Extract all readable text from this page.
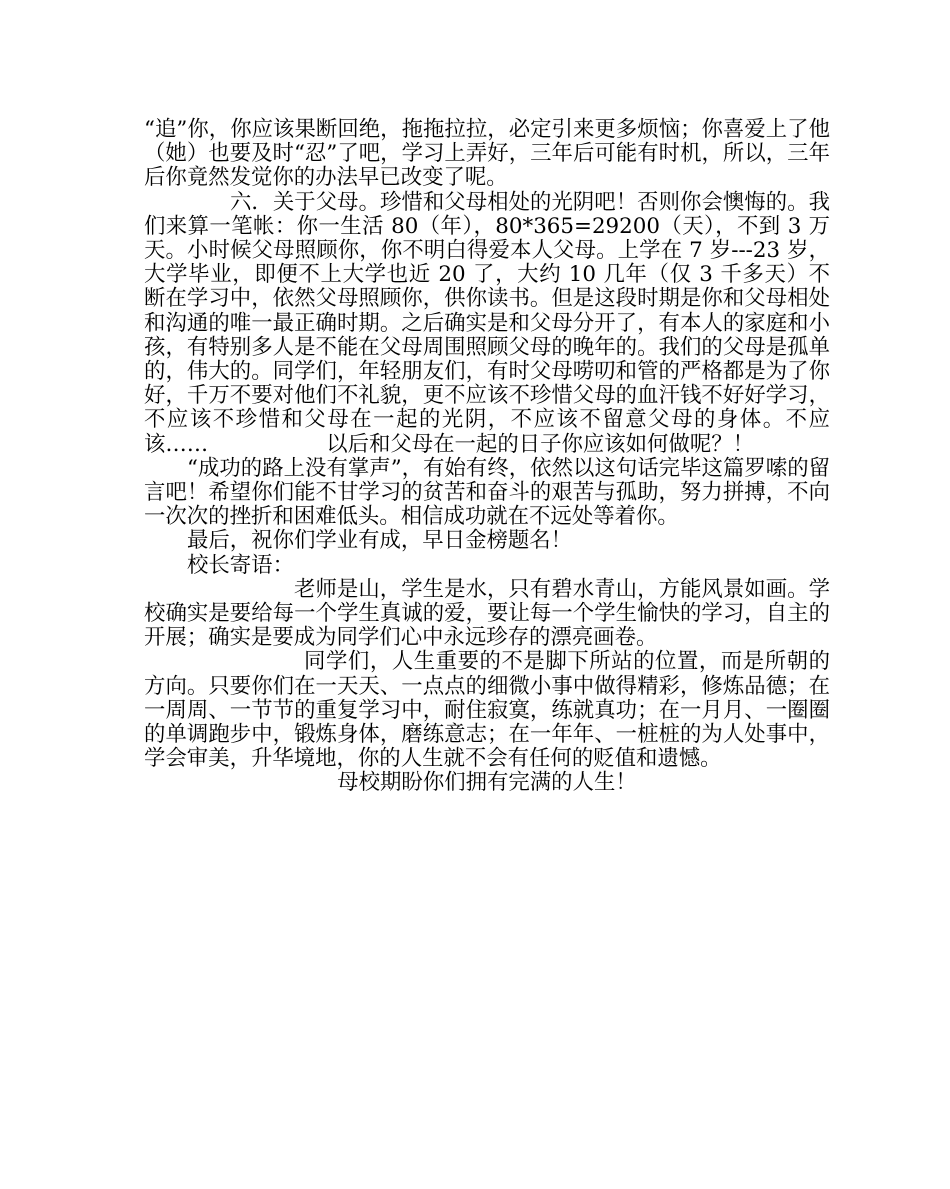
“追”你，你应该果断回绝，拖拖拉拉，必定引来更多烦恼；你喜爱上了他（她）也要及时“忍”了吧，学习上弄好，三年后可能有时机，所以，三年后你竟然发觉你的办法早已改变了呢。

六．关于父母。珍惜和父母相处的光阴吧！否则你会懊悔的。我们来算一笔帐：你一生活 80（年），80*365=29200（天），不到 3 万天。小时候父母照顾你，你不明白得爱本人父母。上学在 7 岁---23 岁，大学毕业，即便不上大学也近 20 了，大约 10 几年（仅 3 千多天）不断在学习中，依然父母照顾你，供你读书。但是这段时期是你和父母相处和沟通的唯一最正确时期。之后确实是和父母分开了，有本人的家庭和小孩，有特别多人是不能在父母周围照顾父母的晚年的。我们的父母是孤单的，伟大的。同学们，年轻朋友们，有时父母唠叨和管的严格都是为了你好，千万不要对他们不礼貌，更不应该不珍惜父母的血汗钱不好好学习，不应该不珍惜和父母在一起的光阴，不应该不留意父母的身体。不应该……	以后和父母在一起的日子你应该如何做呢？！

“成功的路上没有掌声”，有始有终，依然以这句话完毕这篇罗嗦的留言吧！希望你们能不甘学习的贫苦和奋斗的艰苦与孤助，努力拼搏，不向一次次的挫折和困难低头。相信成功就在不远处等着你。

最后，祝你们学业有成，早日金榜题名！

校长寄语：

老师是山，学生是水，只有碧水青山，方能风景如画。学校确实是要给每一个学生真诚的爱，要让每一个学生愉快的学习，自主的开展；确实是要成为同学们心中永远珍存的漂亮画卷。

同学们，人生重要的不是脚下所站的位置，而是所朝的方向。只要你们在一天天、一点点的细微小事中做得精彩，修炼品德；在一周周、一节节的重复学习中，耐住寂寞，练就真功；在一月月、一圈圈的单调跑步中，锻炼身体，磨练意志；在一年年、一桩桩的为人处事中，学会审美，升华境地，你的人生就不会有任何的贬值和遗憾。

母校期盼你们拥有完满的人生！
